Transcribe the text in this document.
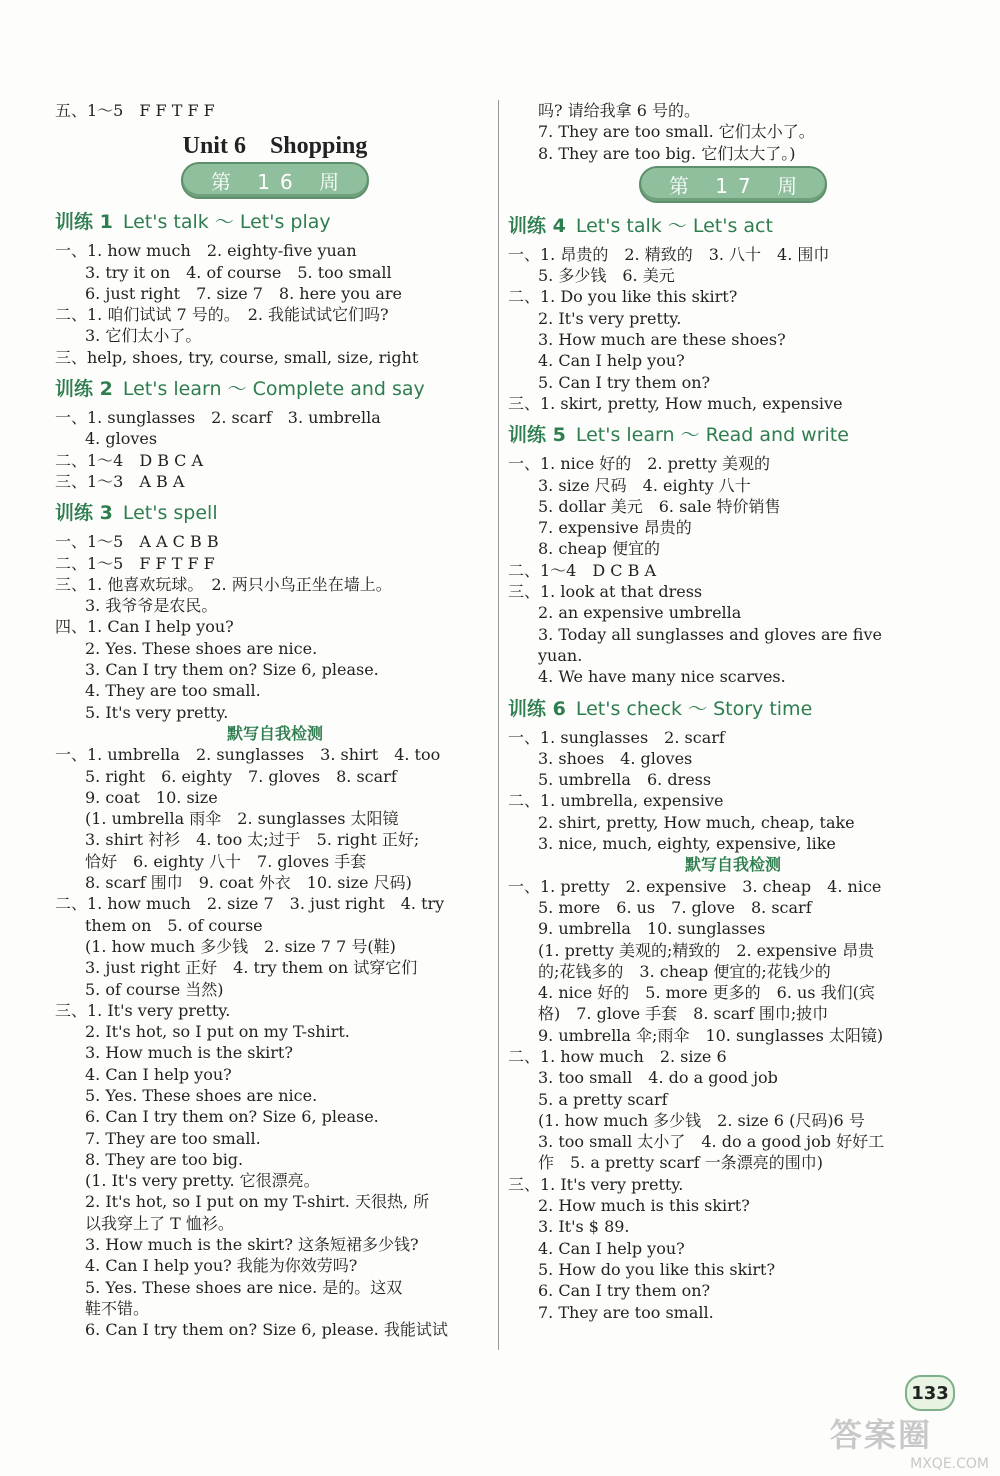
五、1～5　F F T F F
Unit 6　Shopping
第 16 周
训练 1 Let's talk ～ Let's play
一、1. how much　2. eighty-five yuan
3. try it on　4. of course　5. too small
6. just right　7. size 7　8. here you are
二、1. 咱们试试 7 号的。　2. 我能试试它们吗?
3. 它们太小了。
三、help, shoes, try, course, small, size, right
训练 2 Let's learn ～ Complete and say
一、1. sunglasses　2. scarf　3. umbrella
4. gloves
二、1～4　D B C A
三、1～3　A B A
训练 3 Let's spell
一、1～5　A A C B B
二、1～5　F F T F F
三、1. 他喜欢玩球。　2. 两只小鸟正坐在墙上。
3. 我爷爷是农民。
四、1. Can I help you?
2. Yes. These shoes are nice.
3. Can I try them on? Size 6, please.
4. They are too small.
5. It's very pretty.
默写自我检测
一、1. umbrella　2. sunglasses　3. shirt　4. too
5. right　6. eighty　7. gloves　8. scarf
9. coat　10. size
(1. umbrella 雨伞　2. sunglasses 太阳镜
3. shirt 衬衫　4. too 太;过于　5. right 正好;
恰好　6. eighty 八十　7. gloves 手套
8. scarf 围巾　9. coat 外衣　10. size 尺码)
二、1. how much　2. size 7　3. just right　4. try
them on　5. of course
(1. how much 多少钱　2. size 7 7 号(鞋)
3. just right 正好　4. try them on 试穿它们
5. of course 当然)
三、1. It's very pretty.
2. It's hot, so I put on my T-shirt.
3. How much is the skirt?
4. Can I help you?
5. Yes. These shoes are nice.
6. Can I try them on? Size 6, please.
7. They are too small.
8. They are too big.
(1. It's very pretty. 它很漂亮。
2. It's hot, so I put on my T-shirt. 天很热, 所
以我穿上了 T 恤衫。
3. How much is the skirt? 这条短裙多少钱?
4. Can I help you? 我能为你效劳吗?
5. Yes. These shoes are nice. 是的。这双
鞋不错。
6. Can I try them on? Size 6, please. 我能试试
吗? 请给我拿 6 号的。
7. They are too small. 它们太小了。
8. They are too big. 它们太大了。)
第 17 周
训练 4 Let's talk ～ Let's act
一、1. 昂贵的　2. 精致的　3. 八十　4. 围巾
5. 多少钱　6. 美元
二、1. Do you like this skirt?
2. It's very pretty.
3. How much are these shoes?
4. Can I help you?
5. Can I try them on?
三、1. skirt, pretty, How much, expensive
训练 5 Let's learn ～ Read and write
一、1. nice 好的　2. pretty 美观的
3. size 尺码　4. eighty 八十
5. dollar 美元　6. sale 特价销售
7. expensive 昂贵的
8. cheap 便宜的
二、1～4　D C B A
三、1. look at that dress
2. an expensive umbrella
3. Today all sunglasses and gloves are five
yuan.
4. We have many nice scarves.
训练 6 Let's check ～ Story time
一、1. sunglasses　2. scarf
3. shoes　4. gloves
5. umbrella　6. dress
二、1. umbrella, expensive
2. shirt, pretty, How much, cheap, take
3. nice, much, eighty, expensive, like
默写自我检测
一、1. pretty　2. expensive　3. cheap　4. nice
5. more　6. us　7. glove　8. scarf
9. umbrella　10. sunglasses
(1. pretty 美观的;精致的　2. expensive 昂贵
的;花钱多的　3. cheap 便宜的;花钱少的
4. nice 好的　5. more 更多的　6. us 我们(宾
格)　7. glove 手套　8. scarf 围巾;披巾
9. umbrella 伞;雨伞　10. sunglasses 太阳镜)
二、1. how much　2. size 6
3. too small　4. do a good job
5. a pretty scarf
(1. how much 多少钱　2. size 6 (尺码)6 号
3. too small 太小了　4. do a good job 好好工
作　5. a pretty scarf 一条漂亮的围巾)
三、1. It's very pretty.
2. How much is this skirt?
3. It's $ 89.
4. Can I help you?
5. How do you like this skirt?
6. Can I try them on?
7. They are too small.
133
答案圈
MXQE.COM
